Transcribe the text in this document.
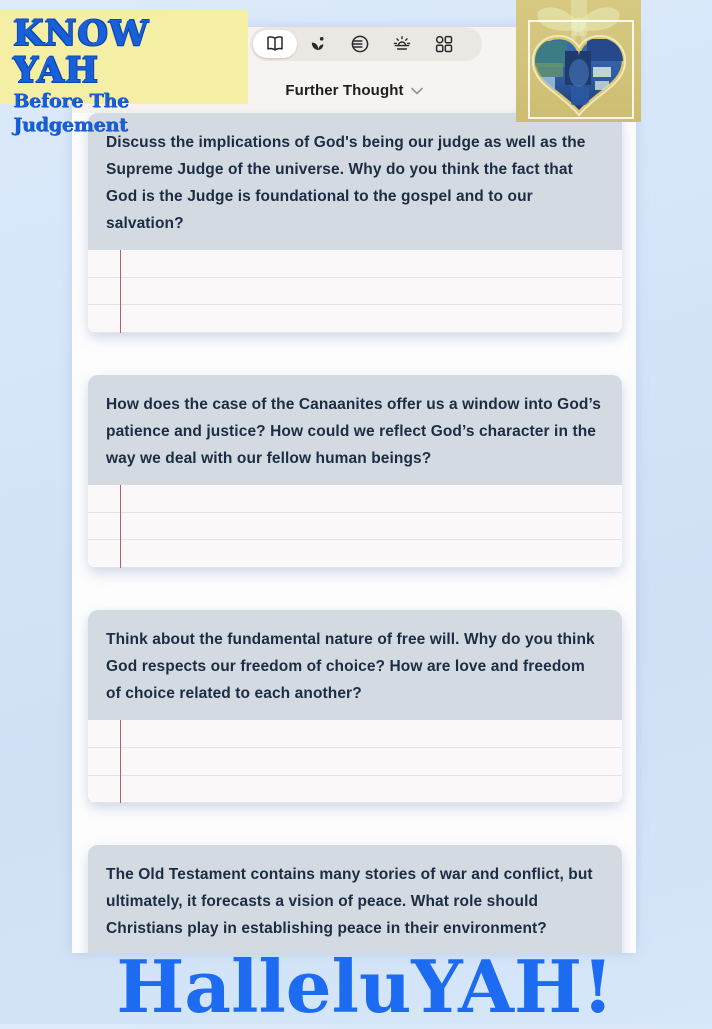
Further Thought

Discuss the implications of God's being our judge as well as the Supreme Judge of the universe. Why do you think the fact that God is the Judge is foundational to the gospel and to our salvation?

How does the case of the Canaanites offer us a window into God’s patience and justice? How could we reflect God’s character in the way we deal with our fellow human beings?

Think about the fundamental nature of free will. Why do you think God respects our freedom of choice? How are love and freedom of choice related to each another?

The Old Testament contains many stories of war and conflict, but ultimately, it forecasts a vision of peace. What role should Christians play in establishing peace in their environment?

KNOW YAH
Before The Judgement
HalleluYAH!
